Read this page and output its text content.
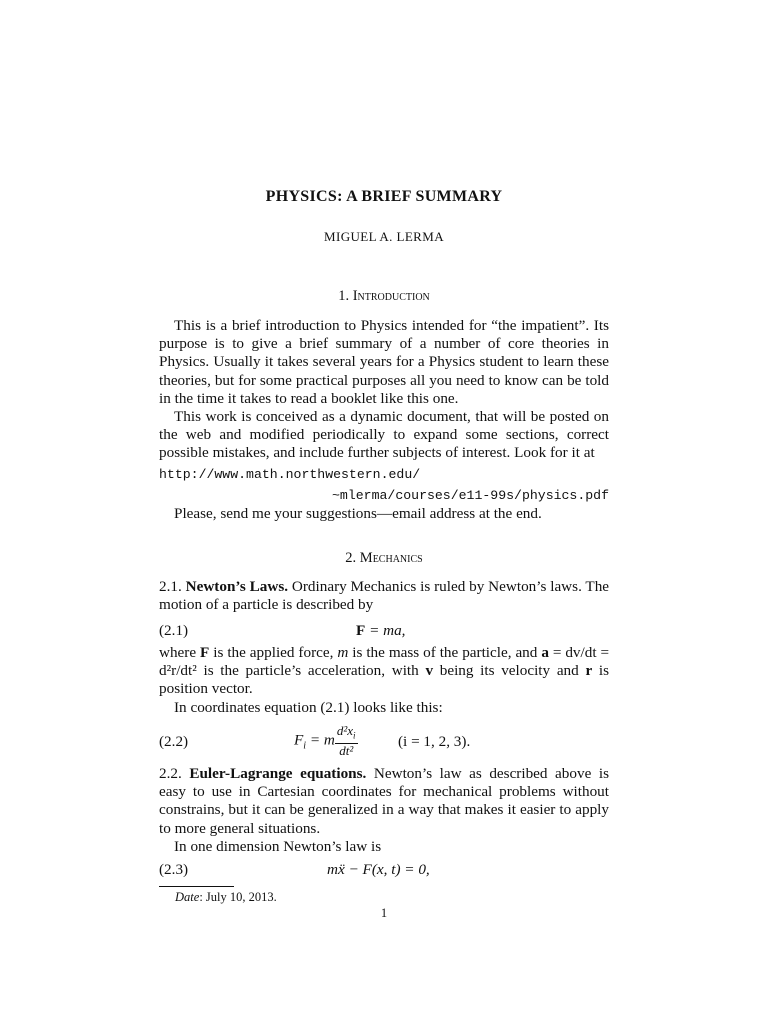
PHYSICS: A BRIEF SUMMARY
MIGUEL A. LERMA
1. Introduction

This is a brief introduction to Physics intended for “the impatient”. Its purpose is to give a brief summary of a number of core theories in Physics. Usually it takes several years for a Physics student to learn these theories, but for some practical purposes all you need to know can be told in the time it takes to read a booklet like this one.

This work is conceived as a dynamic document, that will be posted on the web and modified periodically to expand some sections, correct possible mistakes, and include further subjects of interest. Look for it at

http://www.math.northwestern.edu/

~mlerma/courses/e11-99s/physics.pdf

Please, send me your suggestions—email address at the end.

2. Mechanics

2.1. Newton’s Laws. Ordinary Mechanics is ruled by Newton’s laws. The motion of a particle is described by

(2.1)	F = ma,

where F is the applied force, m is the mass of the particle, and a = dv/dt = d²r/dt² is the particle’s acceleration, with v being its velocity and r is position vector.

In coordinates equation (2.1) looks like this:

(2.2)	$F_i = m \frac{d^2x_i}{\text{dt²}}$	(i = 1, 2, 3).

2.2. Euler-Lagrange equations. Newton’s law as described above is easy to use in Cartesian coordinates for mechanical problems without constrains, but it can be generalized in a way that makes it easier to apply to more general situations.

In one dimension Newton’s law is

(2.3)	mẍ − F(x, t) = 0,
Date: July 10, 2013.
1
